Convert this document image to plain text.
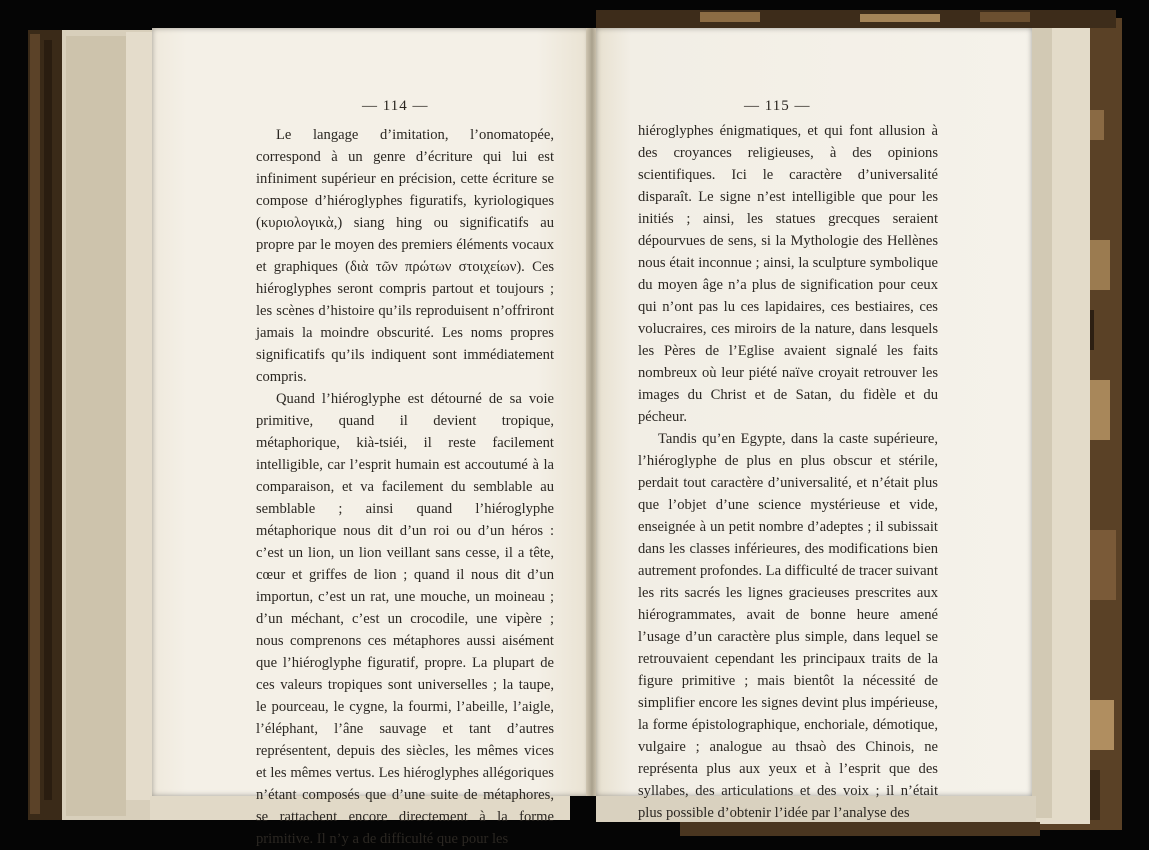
— 114 —

Le langage d’imitation, l’onomatopée, correspond à un genre d’écriture qui lui est infiniment supérieur en précision, cette écriture se compose d’hiéroglyphes figuratifs, kyriologiques (κυριολογικὰ,) siang hing ou significatifs au propre par le moyen des premiers éléments vocaux et graphiques (διὰ τῶν πρώτων στοιχείων). Ces hiéroglyphes seront compris partout et toujours ; les scènes d’histoire qu’ils reproduisent n’offriront jamais la moindre obscurité. Les noms propres significatifs qu’ils indiquent sont immédiatement compris.

Quand l’hiéroglyphe est détourné de sa voie primitive, quand il devient tropique, métaphorique, kià-tsiéi, il reste facilement intelligible, car l’esprit humain est accoutumé à la comparaison, et va facilement du semblable au semblable ; ainsi quand l’hiéroglyphe métaphorique nous dit d’un roi ou d’un héros : c’est un lion, un lion veillant sans cesse, il a tête, cœur et griffes de lion ; quand il nous dit d’un importun, c’est un rat, une mouche, un moineau ; d’un méchant, c’est un crocodile, une vipère ; nous comprenons ces métaphores aussi aisément que l’hiéroglyphe figuratif, propre. La plupart de ces valeurs tropiques sont universelles ; la taupe, le pourceau, le cygne, la fourmi, l’abeille, l’aigle, l’éléphant, l’âne sauvage et tant d’autres représentent, depuis des siècles, les mêmes vices et les mêmes vertus. Les hiéroglyphes allégoriques n’étant composés que d’une suite de métaphores, se rattachent encore directement à la forme primitive. Il n’y a de difficulté que pour les

— 115 —

hiéroglyphes énigmatiques, et qui font allusion à des croyances religieuses, à des opinions scientifiques. Ici le caractère d’universalité disparaît. Le signe n’est intelligible que pour les initiés ; ainsi, les statues grecques seraient dépourvues de sens, si la Mythologie des Hellènes nous était inconnue ; ainsi, la sculpture symbolique du moyen âge n’a plus de signification pour ceux qui n’ont pas lu ces lapidaires, ces bestiaires, ces volucraires, ces miroirs de la nature, dans lesquels les Pères de l’Eglise avaient signalé les faits nombreux où leur piété naïve croyait retrouver les images du Christ et de Satan, du fidèle et du pécheur.

Tandis qu’en Egypte, dans la caste supérieure, l’hiéroglyphe de plus en plus obscur et stérile, perdait tout caractère d’universalité, et n’était plus que l’objet d’une science mystérieuse et vide, enseignée à un petit nombre d’adeptes ; il subissait dans les classes inférieures, des modifications bien autrement profondes. La difficulté de tracer suivant les rits sacrés les lignes gracieuses prescrites aux hiérogrammates, avait de bonne heure amené l’usage d’un caractère plus simple, dans lequel se retrouvaient cependant les principaux traits de la figure primitive ; mais bientôt la nécessité de simplifier encore les signes devint plus impérieuse, la forme épistolographique, enchoriale, démotique, vulgaire ; analogue au thsaò des Chinois, ne représenta plus aux yeux et à l’esprit que des syllabes, des articulations et des voix ; il n’était plus possible d’obtenir l’idée par l’analyse des
